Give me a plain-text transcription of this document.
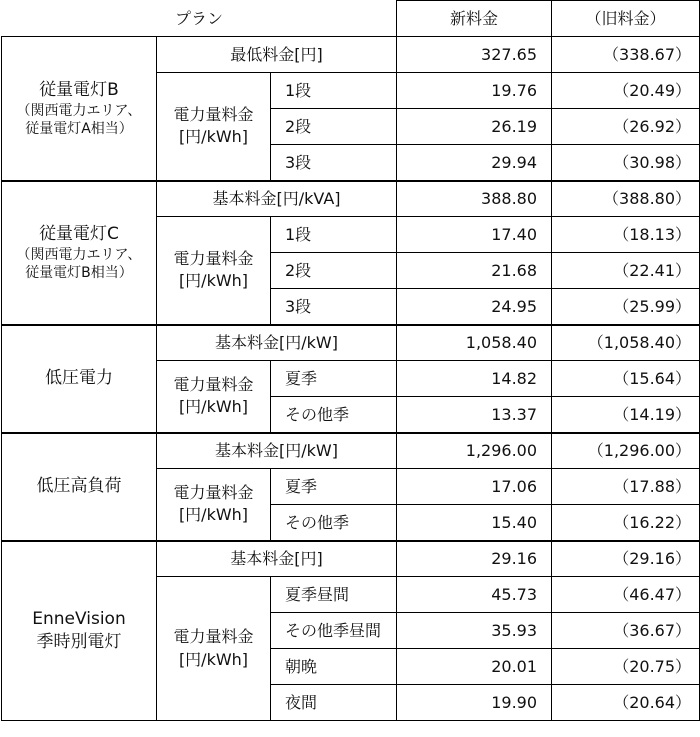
プラン			新料金	（旧料金）

従量電灯B
（関西電力エリア、
従量電灯A相当）	最低料金[円]		327.65	（338.67）
	電力量料金
[円/kWh]	1段	19.76	（20.49）
		2段	26.19	（26.92）
		3段	29.94	（30.98）

従量電灯C
（関西電力エリア、
従量電灯B相当）	基本料金[円/kVA]		388.80	（388.80）
	電力量料金
[円/kWh]	1段	17.40	（18.13）
		2段	21.68	（22.41）
		3段	24.95	（25.99）

低圧電力	基本料金[円/kW]		1,058.40	（1,058.40）
	電力量料金
[円/kWh]	夏季	14.82	（15.64）
		その他季	13.37	（14.19）

低圧高負荷	基本料金[円/kW]		1,296.00	（1,296.00）
	電力量料金
[円/kWh]	夏季	17.06	（17.88）
		その他季	15.40	（16.22）

EnneVision
季時別電灯	基本料金[円]		29.16	（29.16）
	電力量料金
[円/kWh]	夏季昼間	45.73	（46.47）
		その他季昼間	35.93	（36.67）
		朝晩	20.01	（20.75）
		夜間	19.90	（20.64）
